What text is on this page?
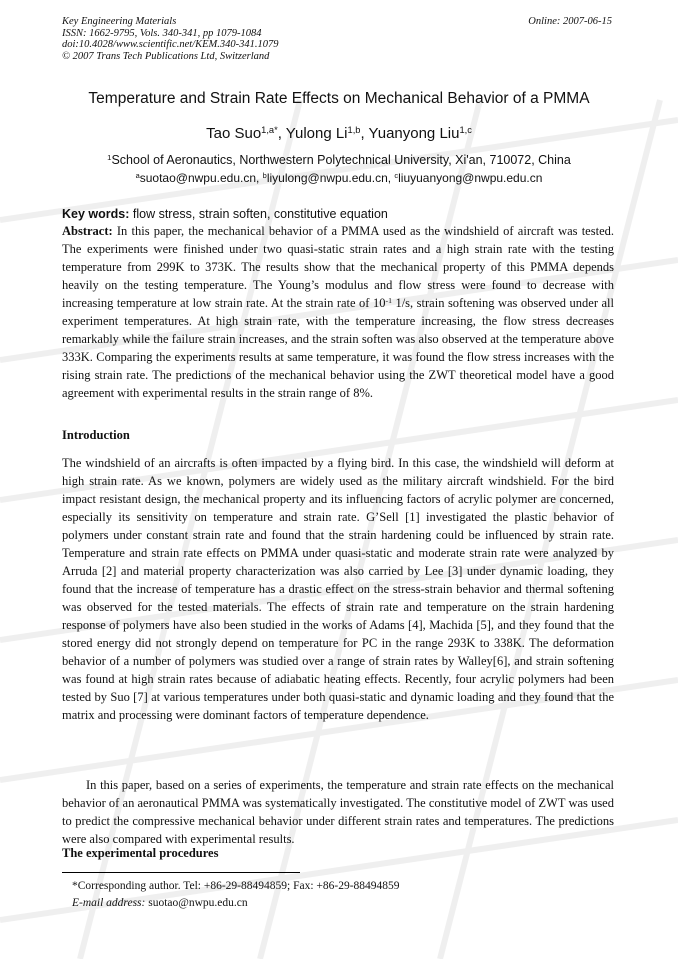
Key Engineering Materials
ISSN: 1662-9795, Vols. 340-341, pp 1079-1084
doi:10.4028/www.scientific.net/KEM.340-341.1079
© 2007 Trans Tech Publications Ltd, Switzerland
Online: 2007-06-15
Temperature and Strain Rate Effects on Mechanical Behavior of a PMMA
Tao Suo$^{1,a*}$, Yulong Li$^{1,b}$, Yuanyong Liu$^{1,c}$
$^1$School of Aeronautics, Northwestern Polytechnical University, Xi'an, 710072, China
$^a$suotao@nwpu.edu.cn, $^b$liyulong@nwpu.edu.cn, $^c$liuyuanyong@nwpu.edu.cn
Key words: flow stress, strain soften, constitutive equation
Abstract: In this paper, the mechanical behavior of a PMMA used as the windshield of aircraft was tested. The experiments were finished under two quasi-static strain rates and a high strain rate with the testing temperature from 299K to 373K. The results show that the mechanical property of this PMMA depends heavily on the testing temperature. The Young’s modulus and flow stress were found to decrease with increasing temperature at low strain rate. At the strain rate of $10^{-1}$ 1/s, strain softening was observed under all experiment temperatures. At high strain rate, with the temperature increasing, the flow stress decreases remarkably while the failure strain increases, and the strain soften was also observed at the temperature above 333K. Comparing the experiments results at same temperature, it was found the flow stress increases with the rising strain rate. The predictions of the mechanical behavior using the ZWT theoretical model have a good agreement with experimental results in the strain range of 8%.
Introduction
The windshield of an aircrafts is often impacted by a flying bird. In this case, the windshield will deform at high strain rate. As we known, polymers are widely used as the military aircraft windshield. For the bird impact resistant design, the mechanical property and its influencing factors of acrylic polymer are concerned, especially its sensitivity on temperature and strain rate. G’Sell [1] investigated the plastic behavior of polymers under constant strain rate and found that the strain hardening could be influenced by strain rate. Temperature and strain rate effects on PMMA under quasi-static and moderate strain rate were analyzed by Arruda [2] and material property characterization was also carried by Lee [3] under dynamic loading, they found that the increase of temperature has a drastic effect on the stress-strain behavior and thermal softening was observed for the tested materials. The effects of strain rate and temperature on the strain hardening response of polymers have also been studied in the works of Adams [4], Machida [5], and they found that the stored energy did not strongly depend on temperature for PC in the range 293K to 338K. The deformation behavior of a number of polymers was studied over a range of strain rates by Walley[6], and strain softening was found at high strain rates because of adiabatic heating effects. Recently, four acrylic polymers had been tested by Suo [7] at various temperatures under both quasi-static and dynamic loading and they found that the matrix and processing were dominant factors of temperature dependence.
In this paper, based on a series of experiments, the temperature and strain rate effects on the mechanical behavior of an aeronautical PMMA was systematically investigated. The constitutive model of ZWT was used to predict the compressive mechanical behavior under different strain rates and temperatures. The predictions were also compared with experimental results.
The experimental procedures
*Corresponding author. Tel: +86-29-88494859; Fax: +86-29-88494859
E-mail address: suotao@nwpu.edu.cn
